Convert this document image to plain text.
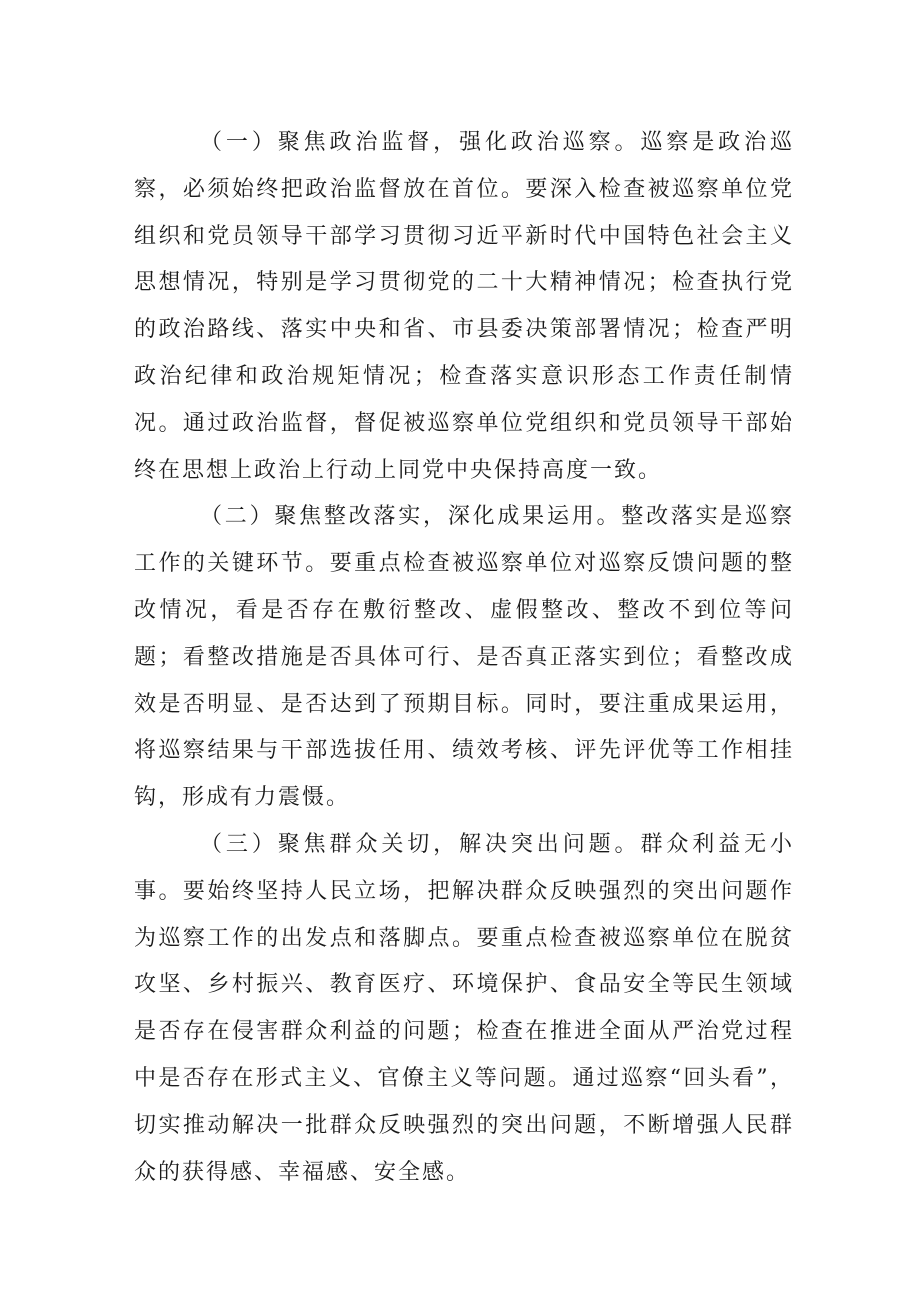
（一）聚焦政治监督，强化政治巡察。巡察是政治巡察，必须始终把政治监督放在首位。要深入检查被巡察单位党组织和党员领导干部学习贯彻习近平新时代中国特色社会主义思想情况，特别是学习贯彻党的二十大精神情况；检查执行党的政治路线、落实中央和省、市县委决策部署情况；检查严明政治纪律和政治规矩情况；检查落实意识形态工作责任制情况。通过政治监督，督促被巡察单位党组织和党员领导干部始终在思想上政治上行动上同党中央保持高度一致。

（二）聚焦整改落实，深化成果运用。整改落实是巡察工作的关键环节。要重点检查被巡察单位对巡察反馈问题的整改情况，看是否存在敷衍整改、虚假整改、整改不到位等问题；看整改措施是否具体可行、是否真正落实到位；看整改成效是否明显、是否达到了预期目标。同时，要注重成果运用，将巡察结果与干部选拔任用、绩效考核、评先评优等工作相挂钩，形成有力震慑。

（三）聚焦群众关切，解决突出问题。群众利益无小事。要始终坚持人民立场，把解决群众反映强烈的突出问题作为巡察工作的出发点和落脚点。要重点检查被巡察单位在脱贫攻坚、乡村振兴、教育医疗、环境保护、食品安全等民生领域是否存在侵害群众利益的问题；检查在推进全面从严治党过程中是否存在形式主义、官僚主义等问题。通过巡察“回头看”，切实推动解决一批群众反映强烈的突出问题，不断增强人民群众的获得感、幸福感、安全感。
